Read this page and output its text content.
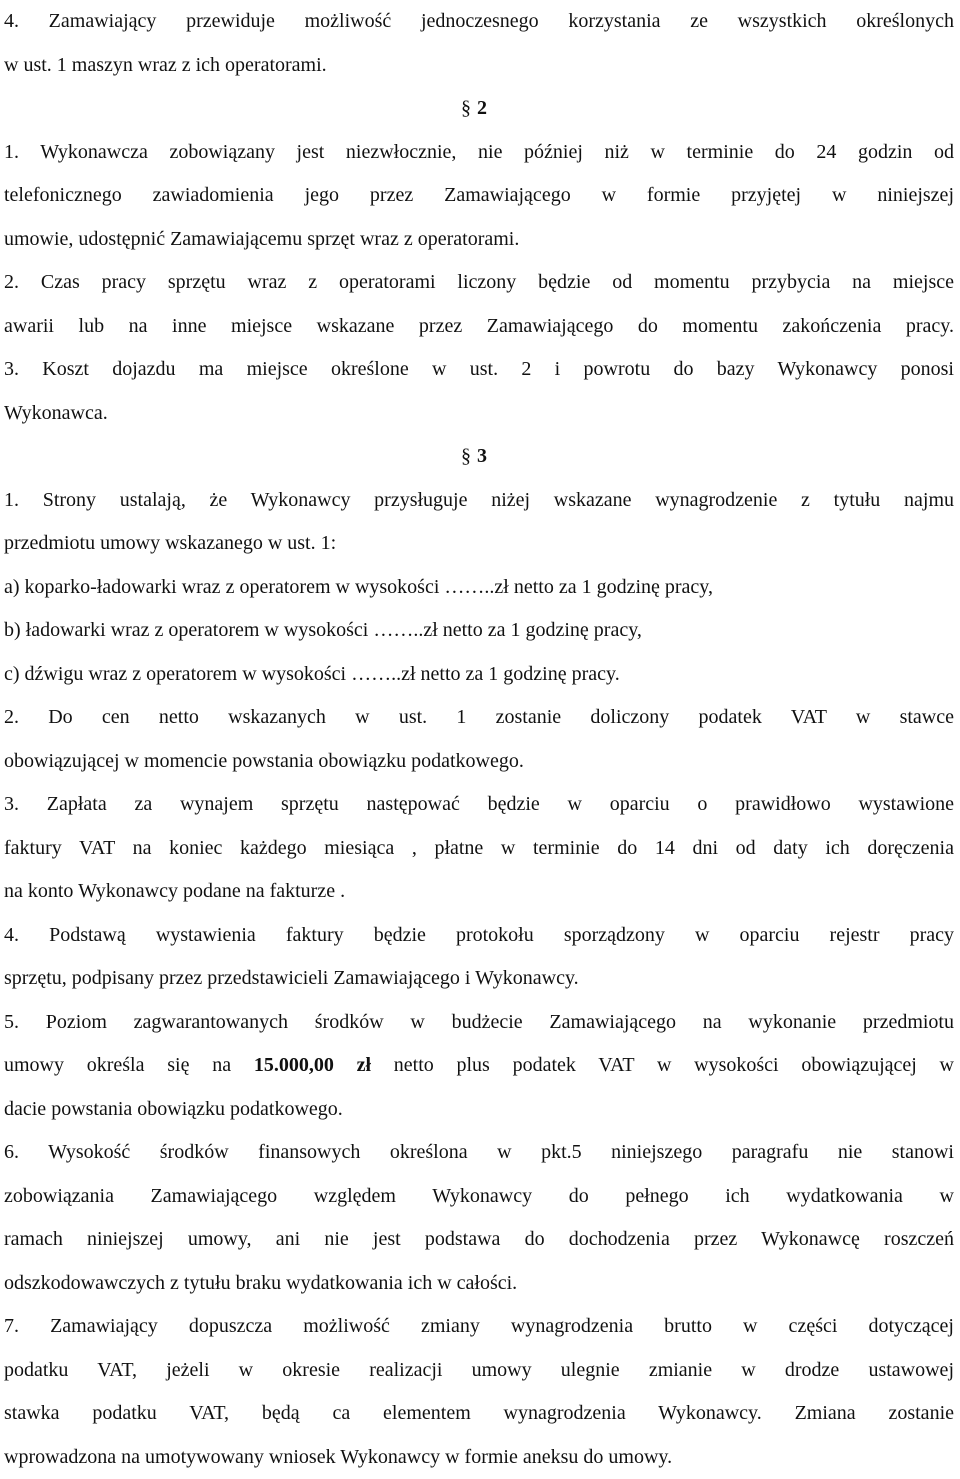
4. Zamawiający przewiduje możliwość jednoczesnego korzystania ze wszystkich określonych
w ust. 1 maszyn wraz z ich operatorami.

§ 2

1. Wykonawcza zobowiązany jest niezwłocznie, nie później niż w terminie do 24 godzin od
telefonicznego zawiadomienia jego przez Zamawiającego w formie przyjętej w niniejszej
umowie, udostępnić Zamawiającemu sprzęt wraz z operatorami.

2. Czas pracy sprzętu wraz z operatorami liczony będzie od momentu przybycia na miejsce
awarii lub na inne miejsce wskazane przez Zamawiającego do momentu zakończenia pracy.

3. Koszt dojazdu ma miejsce określone w ust. 2 i powrotu do bazy Wykonawcy ponosi
Wykonawca.

§ 3

1. Strony ustalają, że Wykonawcy przysługuje niżej wskazane wynagrodzenie z tytułu najmu
przedmiotu umowy wskazanego w ust. 1:
a) koparko-ładowarki wraz z operatorem w wysokości ……..zł netto za 1 godzinę pracy,
b) ładowarki wraz z operatorem w wysokości ……..zł netto za 1 godzinę pracy,
c) dźwigu wraz z operatorem w wysokości ……..zł netto za 1 godzinę pracy.

2. Do cen netto wskazanych w ust. 1 zostanie doliczony podatek VAT w stawce
obowiązującej w momencie powstania obowiązku podatkowego.

3. Zapłata za wynajem sprzętu następować będzie w oparciu o prawidłowo wystawione
faktury VAT na koniec każdego miesiąca , płatne w terminie do 14 dni od daty ich doręczenia
na konto Wykonawcy podane na fakturze .

4. Podstawą wystawienia faktury będzie protokołu sporządzony w oparciu rejestr pracy
sprzętu, podpisany przez przedstawicieli Zamawiającego i Wykonawcy.

5. Poziom zagwarantowanych środków w budżecie Zamawiającego na wykonanie przedmiotu
umowy określa się na 15.000,00 zł netto plus podatek VAT w wysokości obowiązującej w
dacie powstania obowiązku podatkowego.

6. Wysokość środków finansowych określona w pkt.5 niniejszego paragrafu nie stanowi
zobowiązania Zamawiającego względem Wykonawcy do pełnego ich wydatkowania w
ramach niniejszej umowy, ani nie jest podstawa do dochodzenia przez Wykonawcę roszczeń
odszkodowawczych z tytułu braku wydatkowania ich w całości.

7. Zamawiający dopuszcza możliwość zmiany wynagrodzenia brutto w części dotyczącej
podatku VAT, jeżeli w okresie realizacji umowy ulegnie zmianie w drodze ustawowej
stawka podatku VAT, będą ca elementem wynagrodzenia Wykonawcy. Zmiana zostanie
wprowadzona na umotywowany wniosek Wykonawcy w formie aneksu do umowy.
